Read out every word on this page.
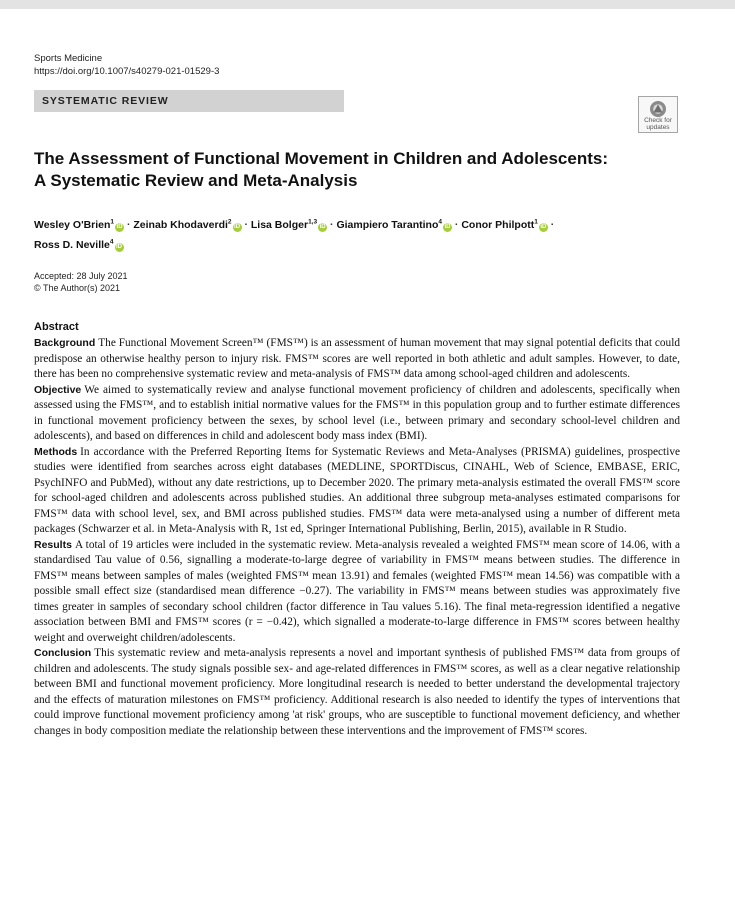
Sports Medicine
https://doi.org/10.1007/s40279-021-01529-3
SYSTEMATIC REVIEW
Check for
updates
The Assessment of Functional Movement in Children and Adolescents:
A Systematic Review and Meta-Analysis
Wesley O'Brien$^1$iD · Zeinab Khodaverdi$^2$iD · Lisa Bolger$^{1,3}$iD · Giampiero Tarantino$^4$iD · Conor Philpott$^1$iD ·
Ross D. Neville$^4$iD
Accepted: 28 July 2021
© The Author(s) 2021
Abstract

Background The Functional Movement Screen™ (FMS™) is an assessment of human movement that may signal potential deficits that could predispose an otherwise healthy person to injury risk. FMS™ scores are well reported in both athletic and adult samples. However, to date, there has been no comprehensive systematic review and meta-analysis of FMS™ data among school-aged children and adolescents.

Objective We aimed to systematically review and analyse functional movement proficiency of children and adolescents, specifically when assessed using the FMS™, and to establish initial normative values for the FMS™ in this population group and to further estimate differences in functional movement proficiency between the sexes, by school level (i.e., between primary and secondary school-level children and adolescents), and based on differences in child and adolescent body mass index (BMI).

Methods In accordance with the Preferred Reporting Items for Systematic Reviews and Meta-Analyses (PRISMA) guidelines, prospective studies were identified from searches across eight databases (MEDLINE, SPORTDiscus, CINAHL, Web of Science, EMBASE, ERIC, PsychINFO and PubMed), without any date restrictions, up to December 2020. The primary meta-analysis estimated the overall FMS™ score for school-aged children and adolescents across published studies. An additional three subgroup meta-analyses estimated comparisons for FMS™ data with school level, sex, and BMI across published studies. FMS™ data were meta-analysed using a number of different meta packages (Schwarzer et al. in Meta-Analysis with R, 1st ed, Springer International Publishing, Berlin, 2015), available in R Studio.

Results A total of 19 articles were included in the systematic review. Meta-analysis revealed a weighted FMS™ mean score of 14.06, with a standardised Tau value of 0.56, signalling a moderate-to-large degree of variability in FMS™ means between studies. The difference in FMS™ means between samples of males (weighted FMS™ mean 13.91) and females (weighted FMS™ mean 14.56) was compatible with a possible small effect size (standardised mean difference −0.27). The variability in FMS™ means between studies was approximately five times greater in samples of secondary school children (factor difference in Tau values 5.16). The final meta-regression identified a negative association between BMI and FMS™ scores (r = −0.42), which signalled a moderate-to-large difference in FMS™ scores between healthy weight and overweight children/adolescents.

Conclusion This systematic review and meta-analysis represents a novel and important synthesis of published FMS™ data from groups of children and adolescents. The study signals possible sex- and age-related differences in FMS™ scores, as well as a clear negative relationship between BMI and functional movement proficiency. More longitudinal research is needed to better understand the developmental trajectory and the effects of maturation milestones on FMS™ proficiency. Additional research is also needed to identify the types of interventions that could improve functional movement proficiency among 'at risk' groups, who are susceptible to functional movement deficiency, and whether changes in body composition mediate the relationship between these interventions and the improvement of FMS™ scores.
